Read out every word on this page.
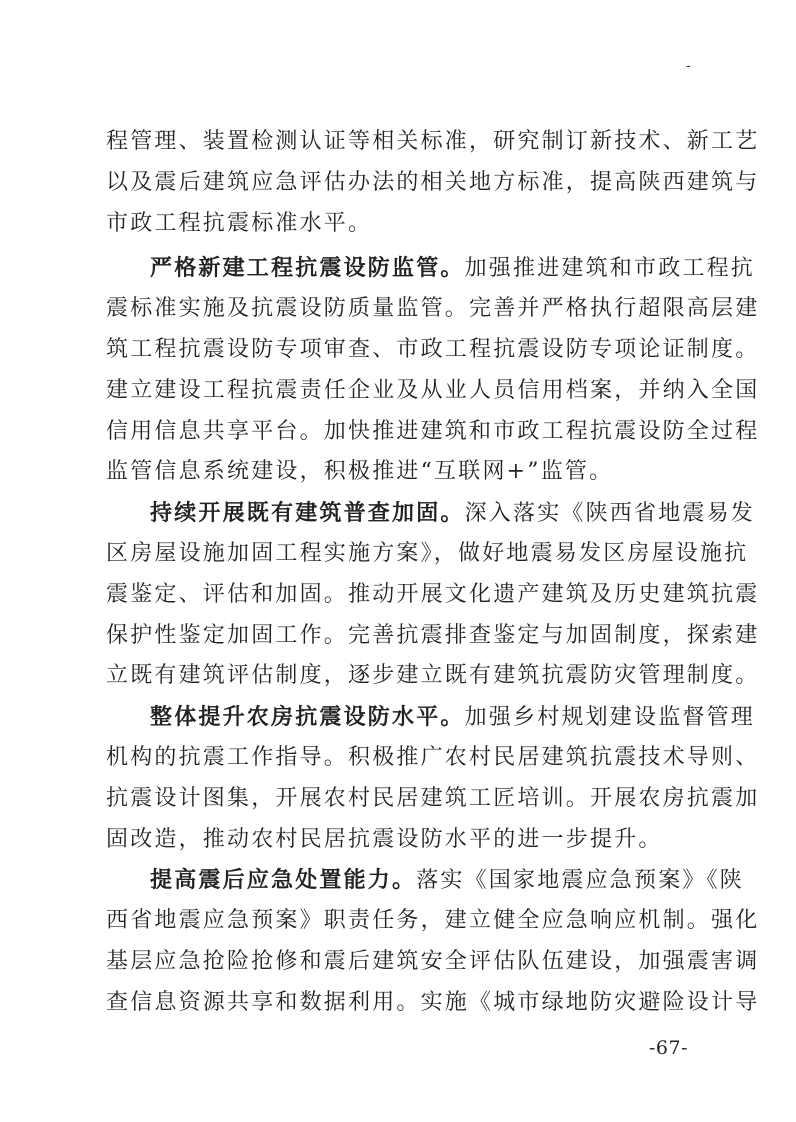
-
程管理、装置检测认证等相关标准，研究制订新技术、新工艺
以及震后建筑应急评估办法的相关地方标准，提高陕西建筑与
市政工程抗震标准水平。
严格新建工程抗震设防监管。加强推进建筑和市政工程抗
震标准实施及抗震设防质量监管。完善并严格执行超限高层建
筑工程抗震设防专项审查、市政工程抗震设防专项论证制度。
建立建设工程抗震责任企业及从业人员信用档案，并纳入全国
信用信息共享平台。加快推进建筑和市政工程抗震设防全过程
监管信息系统建设，积极推进“互联网+”监管。
持续开展既有建筑普查加固。深入落实《陕西省地震易发
区房屋设施加固工程实施方案》，做好地震易发区房屋设施抗
震鉴定、评估和加固。推动开展文化遗产建筑及历史建筑抗震
保护性鉴定加固工作。完善抗震排查鉴定与加固制度，探索建
立既有建筑评估制度，逐步建立既有建筑抗震防灾管理制度。
整体提升农房抗震设防水平。加强乡村规划建设监督管理
机构的抗震工作指导。积极推广农村民居建筑抗震技术导则、
抗震设计图集，开展农村民居建筑工匠培训。开展农房抗震加
固改造，推动农村民居抗震设防水平的进一步提升。
提高震后应急处置能力。落实《国家地震应急预案》《陕
西省地震应急预案》职责任务，建立健全应急响应机制。强化
基层应急抢险抢修和震后建筑安全评估队伍建设，加强震害调
查信息资源共享和数据利用。实施《城市绿地防灾避险设计导
-67-
